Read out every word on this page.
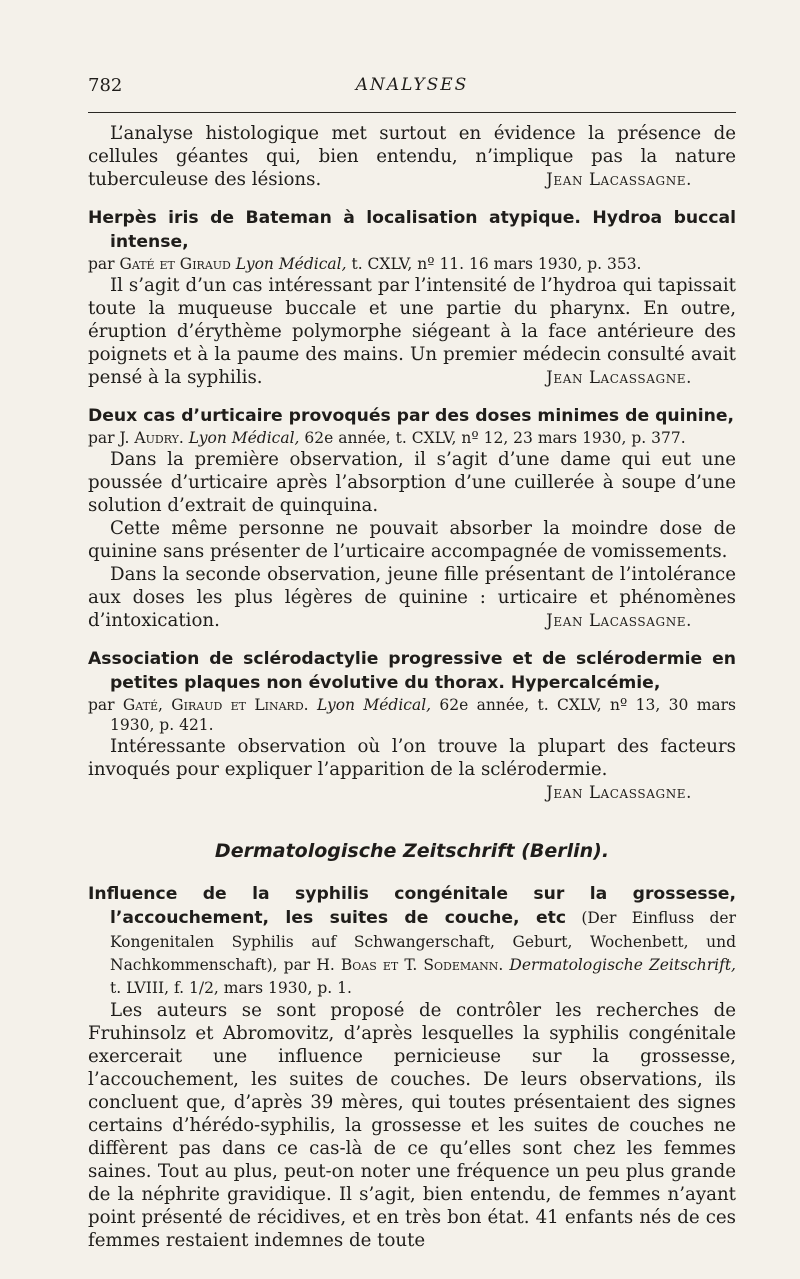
782	ANALYSES

L’analyse histologique met surtout en évidence la présence de cellules géantes qui, bien entendu, n’implique pas la nature tuberculeuse des lésions.	Jean Lacassagne.

Herpès iris de Bateman à localisation atypique. Hydroa buccal intense,
par Gaté et Giraud Lyon Médical, t. CXLV, nº 11. 16 mars 1930, p. 353.

Il s’agit d’un cas intéressant par l’intensité de l’hydroa qui tapissait toute la muqueuse buccale et une partie du pharynx. En outre, éruption d’érythème polymorphe siégeant à la face antérieure des poignets et à la paume des mains. Un premier médecin consulté avait pensé à la syphilis.	Jean Lacassagne.

Deux cas d’urticaire provoqués par des doses minimes de quinine,
par J. Audry. Lyon Médical, 62e année, t. CXLV, nº 12, 23 mars 1930, p. 377.

Dans la première observation, il s’agit d’une dame qui eut une poussée d’urticaire après l’absorption d’une cuillerée à soupe d’une solution d’extrait de quinquina.

Cette même personne ne pouvait absorber la moindre dose de quinine sans présenter de l’urticaire accompagnée de vomissements.

Dans la seconde observation, jeune fille présentant de l’intolérance aux doses les plus légères de quinine : urticaire et phénomènes d’intoxication.	Jean Lacassagne.

Association de sclérodactylie progressive et de sclérodermie en petites plaques non évolutive du thorax. Hypercalcémie,
par Gaté, Giraud et Linard. Lyon Médical, 62e année, t. CXLV, nº 13, 30 mars 1930, p. 421.

Intéressante observation où l’on trouve la plupart des facteurs invoqués pour expliquer l’apparition de la sclérodermie.

Jean Lacassagne.

Dermatologische Zeitschrift (Berlin).

Influence de la syphilis congénitale sur la grossesse, l’accouchement, les suites de couche, etc (Der Einfluss der Kongenitalen Syphilis auf Schwangerschaft, Geburt, Wochenbett, und Nachkommenschaft), par H. Boas et T. Sodemann. Dermatologische Zeitschrift, t. LVIII, f. 1/2, mars 1930, p. 1.

Les auteurs se sont proposé de contrôler les recherches de Fruhinsolz et Abromovitz, d’après lesquelles la syphilis congénitale exercerait une influence pernicieuse sur la grossesse, l’accouchement, les suites de couches. De leurs observations, ils concluent que, d’après 39 mères, qui toutes présentaient des signes certains d’hérédo-syphilis, la grossesse et les suites de couches ne diffèrent pas dans ce cas-là de ce qu’elles sont chez les femmes saines. Tout au plus, peut-on noter une fréquence un peu plus grande de la néphrite gravidique. Il s’agit, bien entendu, de femmes n’ayant point présenté de récidives, et en très bon état. 41 enfants nés de ces femmes restaient indemnes de toute
